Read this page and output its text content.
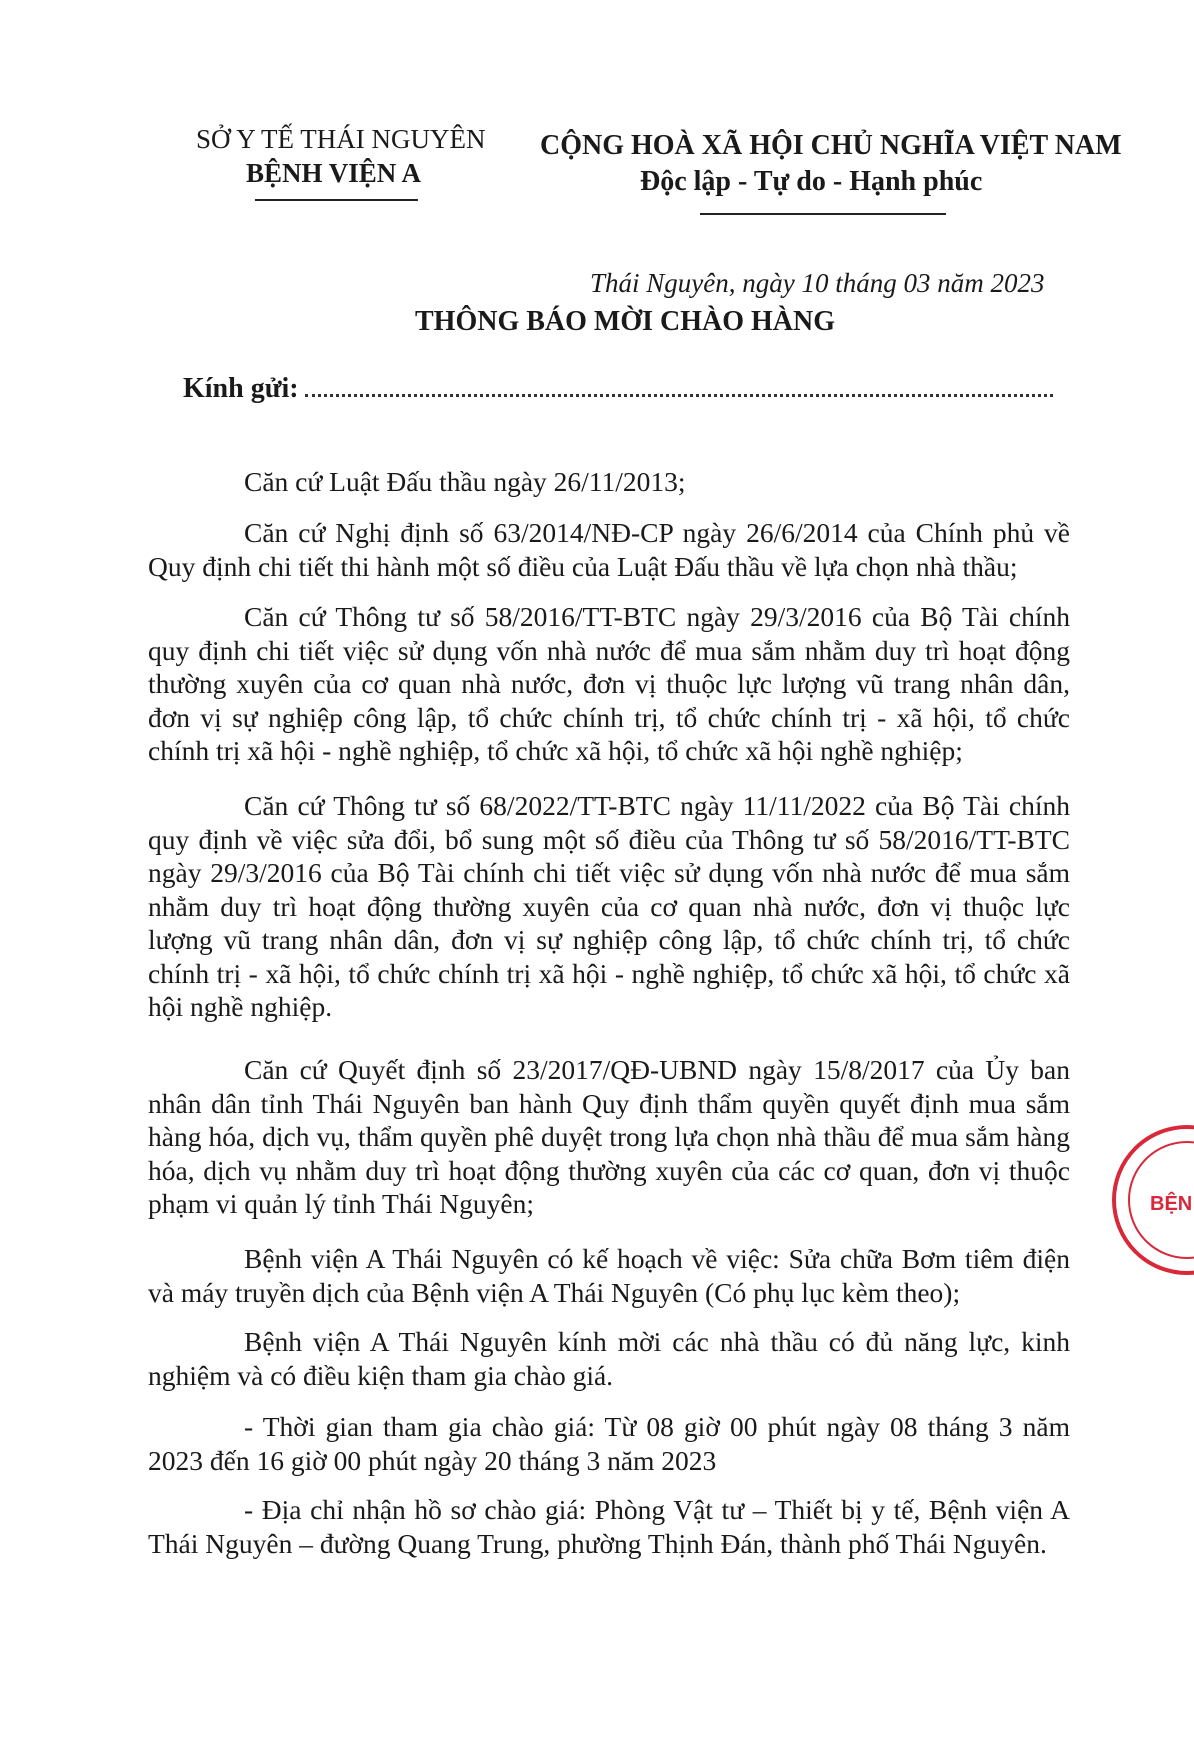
SỞ Y TẾ THÁI NGUYÊN
BỆNH VIỆN A
CỘNG HOÀ XÃ HỘI CHỦ NGHĨA VIỆT NAM
Độc lập - Tự do - Hạnh phúc
Thái Nguyên, ngày 10 tháng 03 năm 2023
THÔNG BÁO MỜI CHÀO HÀNG
Kính gửi:
Căn cứ Luật Đấu thầu ngày 26/11/2013;
Căn cứ Nghị định số 63/2014/NĐ-CP ngày 26/6/2014 của Chính phủ về Quy định chi tiết thi hành một số điều của Luật Đấu thầu về lựa chọn nhà thầu;
Căn cứ Thông tư số 58/2016/TT-BTC ngày 29/3/2016 của Bộ Tài chính quy định chi tiết việc sử dụng vốn nhà nước để mua sắm nhằm duy trì hoạt động thường xuyên của cơ quan nhà nước, đơn vị thuộc lực lượng vũ trang nhân dân, đơn vị sự nghiệp công lập, tổ chức chính trị, tổ chức chính trị - xã hội, tổ chức chính trị xã hội - nghề nghiệp, tổ chức xã hội, tổ chức xã hội nghề nghiệp;
Căn cứ Thông tư số 68/2022/TT-BTC ngày 11/11/2022 của Bộ Tài chính quy định về việc sửa đổi, bổ sung một số điều của Thông tư số 58/2016/TT-BTC ngày 29/3/2016 của Bộ Tài chính chi tiết việc sử dụng vốn nhà nước để mua sắm nhằm duy trì hoạt động thường xuyên của cơ quan nhà nước, đơn vị thuộc lực lượng vũ trang nhân dân, đơn vị sự nghiệp công lập, tổ chức chính trị, tổ chức chính trị - xã hội, tổ chức chính trị xã hội - nghề nghiệp, tổ chức xã hội, tổ chức xã hội nghề nghiệp.
Căn cứ Quyết định số 23/2017/QĐ-UBND ngày 15/8/2017 của Ủy ban nhân dân tỉnh Thái Nguyên ban hành Quy định thẩm quyền quyết định mua sắm hàng hóa, dịch vụ, thẩm quyền phê duyệt trong lựa chọn nhà thầu để mua sắm hàng hóa, dịch vụ nhằm duy trì hoạt động thường xuyên của các cơ quan, đơn vị thuộc phạm vi quản lý tỉnh Thái Nguyên;
Bệnh viện A Thái Nguyên có kế hoạch về việc: Sửa chữa Bơm tiêm điện và máy truyền dịch của Bệnh viện A Thái Nguyên (Có phụ lục kèm theo);
Bệnh viện A Thái Nguyên kính mời các nhà thầu có đủ năng lực, kinh nghiệm và có điều kiện tham gia chào giá.
- Thời gian tham gia chào giá: Từ 08 giờ 00 phút ngày 08 tháng 3 năm 2023 đến 16 giờ 00 phút ngày 20 tháng 3 năm 2023
- Địa chỉ nhận hồ sơ chào giá: Phòng Vật tư – Thiết bị y tế, Bệnh viện A Thái Nguyên – đường Quang Trung, phường Thịnh Đán, thành phố Thái Nguyên.
BỆN
